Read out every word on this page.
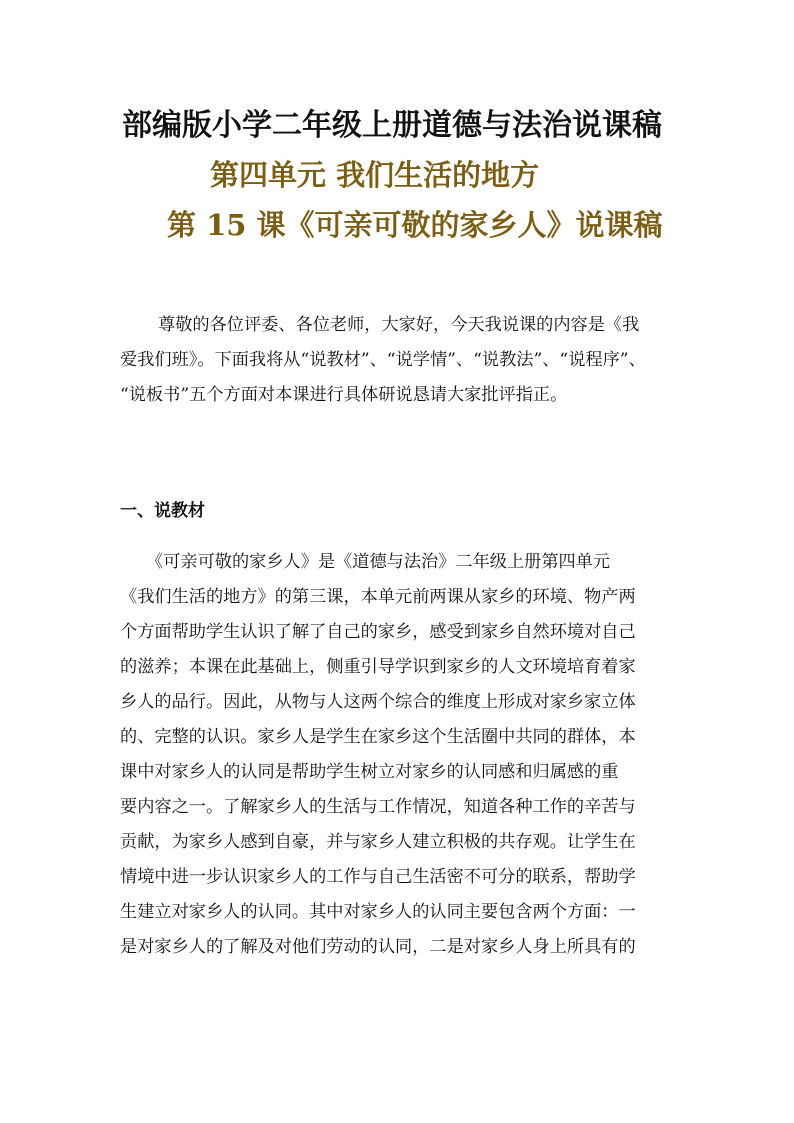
部编版小学二年级上册道德与法治说课稿
第四单元 我们生活的地方
第 15 课《可亲可敬的家乡人》说课稿
尊敬的各位评委、各位老师，大家好，今天我说课的内容是《我
爱我们班》。下面我将从“说教材”、“说学情”、“说教法”、“说程序”、
“说板书”五个方面对本课进行具体研说恳请大家批评指正。
一、说教材
《可亲可敬的家乡人》是《道德与法治》二年级上册第四单元
《我们生活的地方》的第三课，本单元前两课从家乡的环境、物产两
个方面帮助学生认识了解了自己的家乡，感受到家乡自然环境对自己
的滋养；本课在此基础上，侧重引导学识到家乡的人文环境培育着家
乡人的品行。因此，从物与人这两个综合的维度上形成对家乡家立体
的、完整的认识。家乡人是学生在家乡这个生活圈中共同的群体，本
课中对家乡人的认同是帮助学生树立对家乡的认同感和归属感的重
要内容之一。了解家乡人的生活与工作情况，知道各种工作的辛苦与
贡献，为家乡人感到自豪，并与家乡人建立积极的共存观。让学生在
情境中进一步认识家乡人的工作与自己生活密不可分的联系，帮助学
生建立对家乡人的认同。其中对家乡人的认同主要包含两个方面：一
是对家乡人的了解及对他们劳动的认同，二是对家乡人身上所具有的
